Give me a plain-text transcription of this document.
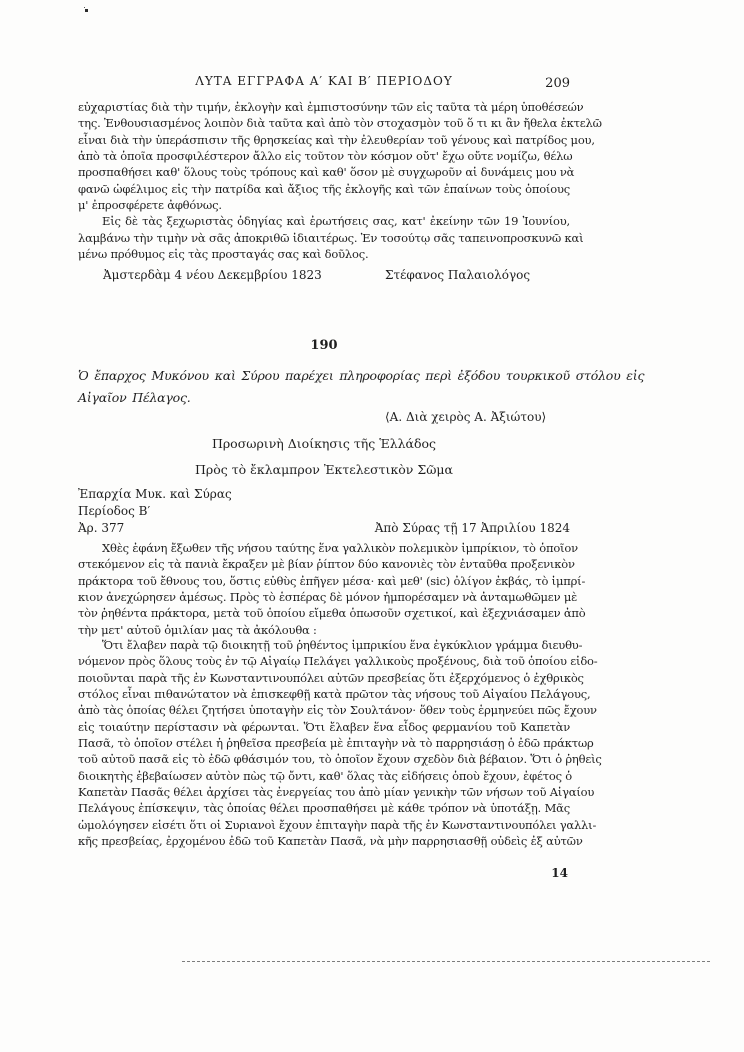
ΛΥΤΑ ΕΓΓΡΑΦΑ Α′ ΚΑΙ Β′ ΠΕΡΙΟΔΟΥ	209
εὐχαριστίας διὰ τὴν τιμήν, ἐκλογὴν καὶ ἐμπιστοσύνην τῶν εἰς ταῦτα τὰ μέρη ὑποθέσεών
της. Ἐνθουσιασμένος λοιπὸν διὰ ταῦτα καὶ ἀπὸ τὸν στοχασμὸν τοῦ ὅ τι κι ἂν ἤθελα ἐκτελῶ
εἶναι διὰ τὴν ὑπεράσπισιν τῆς θρησκείας καὶ τὴν ἐλευθερίαν τοῦ γένους καὶ πατρίδος μου,
ἀπὸ τὰ ὁποῖα προσφιλέστερον ἄλλο εἰς τοῦτον τὸν κόσμον οὔτ' ἔχω οὔτε νομίζω, θέλω
προσπαθήσει καθ' ὅλους τοὺς τρόπους καὶ καθ' ὅσον μὲ συγχωροῦν αἱ δυνάμεις μου νὰ
φανῶ ὠφέλιμος εἰς τὴν πατρίδα καὶ ἄξιος τῆς ἐκλογῆς καὶ τῶν ἐπαίνων τοὺς ὁποίους
μ' ἐπροσφέρετε ἀφθόνως.
Εἰς δὲ τὰς ξεχωριστὰς ὁδηγίας καὶ ἐρωτήσεις σας, κατ' ἐκείνην τῶν 19 Ἰουνίου,
λαμβάνω τὴν τιμὴν νὰ σᾶς ἀποκριθῶ ἰδιαιτέρως. Ἐν τοσούτῳ σᾶς ταπεινοπροσκυνῶ καὶ
μένω πρόθυμος εἰς τὰς προσταγάς σας καὶ δοῦλος.
Ἀμστερδὰμ 4 νέου Δεκεμβρίου 1823	Στέφανος Παλαιολόγος
190
Ὁ ἔπαρχος Μυκόνου καὶ Σύρου παρέχει πληροφορίας περὶ ἐξόδου τουρκικοῦ στόλου εἰς
Αἰγαῖον Πέλαγος.
⟨Α. Διὰ χειρὸς Α. Ἀξιώτου⟩
Προσωρινὴ Διοίκησις τῆς Ἑλλάδος
Πρὸς τὸ ἔκλαμπρον Ἐκτελεστικὸν Σῶμα
Ἐπαρχία Μυκ. καὶ Σύρας
Περίοδος Β′
Ἀρ. 377	Ἀπὸ Σύρας τῇ 17 Ἀπριλίου 1824
Χθὲς ἐφάνη ἔξωθεν τῆς νήσου ταύτης ἕνα γαλλικὸν πολεμικὸν ἰμπρίκιον, τὸ ὁποῖον
στεκόμενον εἰς τὰ πανιὰ ἔκραξεν μὲ βίαν ῥίπτον δύο κανονιὲς τὸν ἐνταῦθα προξενικὸν
πράκτορα τοῦ ἔθνους του, ὅστις εὐθὺς ἐπῆγεν μέσα· καὶ μεθ' (sic) ὀλίγον ἐκβάς, τὸ ἰμπρί-
κιον ἀνεχώρησεν ἀμέσως. Πρὸς τὸ ἑσπέρας δὲ μόνον ἠμπορέσαμεν νὰ ἀνταμωθῶμεν μὲ
τὸν ῥηθέντα πράκτορα, μετὰ τοῦ ὁποίου εἴμεθα ὁπωσοῦν σχετικοί, καὶ ἐξεχνιάσαμεν ἀπὸ
τὴν μετ' αὐτοῦ ὁμιλίαν μας τὰ ἀκόλουθα :
Ὅτι ἔλαβεν παρὰ τῷ διοικητῇ τοῦ ῥηθέντος ἰμπρικίου ἕνα ἐγκύκλιον γράμμα διευθυ-
νόμενον πρὸς ὅλους τοὺς ἐν τῷ Αἰγαίῳ Πελάγει γαλλικοὺς προξένους, διὰ τοῦ ὁποίου εἰδο-
ποιοῦνται παρὰ τῆς ἐν Κωνσταντινουπόλει αὐτῶν πρεσβείας ὅτι ἐξερχόμενος ὁ ἐχθρικὸς
στόλος εἶναι πιθανώτατον νὰ ἐπισκεφθῇ κατὰ πρῶτον τὰς νήσους τοῦ Αἰγαίου Πελάγους,
ἀπὸ τὰς ὁποίας θέλει ζητήσει ὑποταγὴν εἰς τὸν Σουλτάνον· ὅθεν τοὺς ἑρμηνεύει πῶς ἔχουν
εἰς τοιαύτην περίστασιν νὰ φέρωνται. Ὅτι ἔλαβεν ἕνα εἶδος φερμανίου τοῦ Καπετὰν
Πασᾶ, τὸ ὁποῖον στέλει ἡ ῥηθεῖσα πρεσβεία μὲ ἐπιταγὴν νὰ τὸ παρρησιάσῃ ὁ ἐδῶ πράκτωρ
τοῦ αὐτοῦ πασᾶ εἰς τὸ ἐδῶ φθάσιμόν του, τὸ ὁποῖον ἔχουν σχεδὸν διὰ βέβαιον. Ὅτι ὁ ῥηθεὶς
διοικητὴς ἐβεβαίωσεν αὐτὸν πὼς τῷ ὄντι, καθ' ὅλας τὰς εἰδήσεις ὁποὺ ἔχουν, ἐφέτος ὁ
Καπετὰν Πασᾶς θέλει ἀρχίσει τὰς ἐνεργείας του ἀπὸ μίαν γενικὴν τῶν νήσων τοῦ Αἰγαίου
Πελάγους ἐπίσκεψιν, τὰς ὁποίας θέλει προσπαθήσει μὲ κάθε τρόπον νὰ ὑποτάξῃ. Μᾶς
ὡμολόγησεν εἰσέτι ὅτι οἱ Συριανοὶ ἔχουν ἐπιταγὴν παρὰ τῆς ἐν Κωνσταντινουπόλει γαλλι-
κῆς πρεσβείας, ἐρχομένου ἐδῶ τοῦ Καπετὰν Πασᾶ, νὰ μὴν παρρησιασθῇ οὐδεὶς ἐξ αὐτῶν
14
